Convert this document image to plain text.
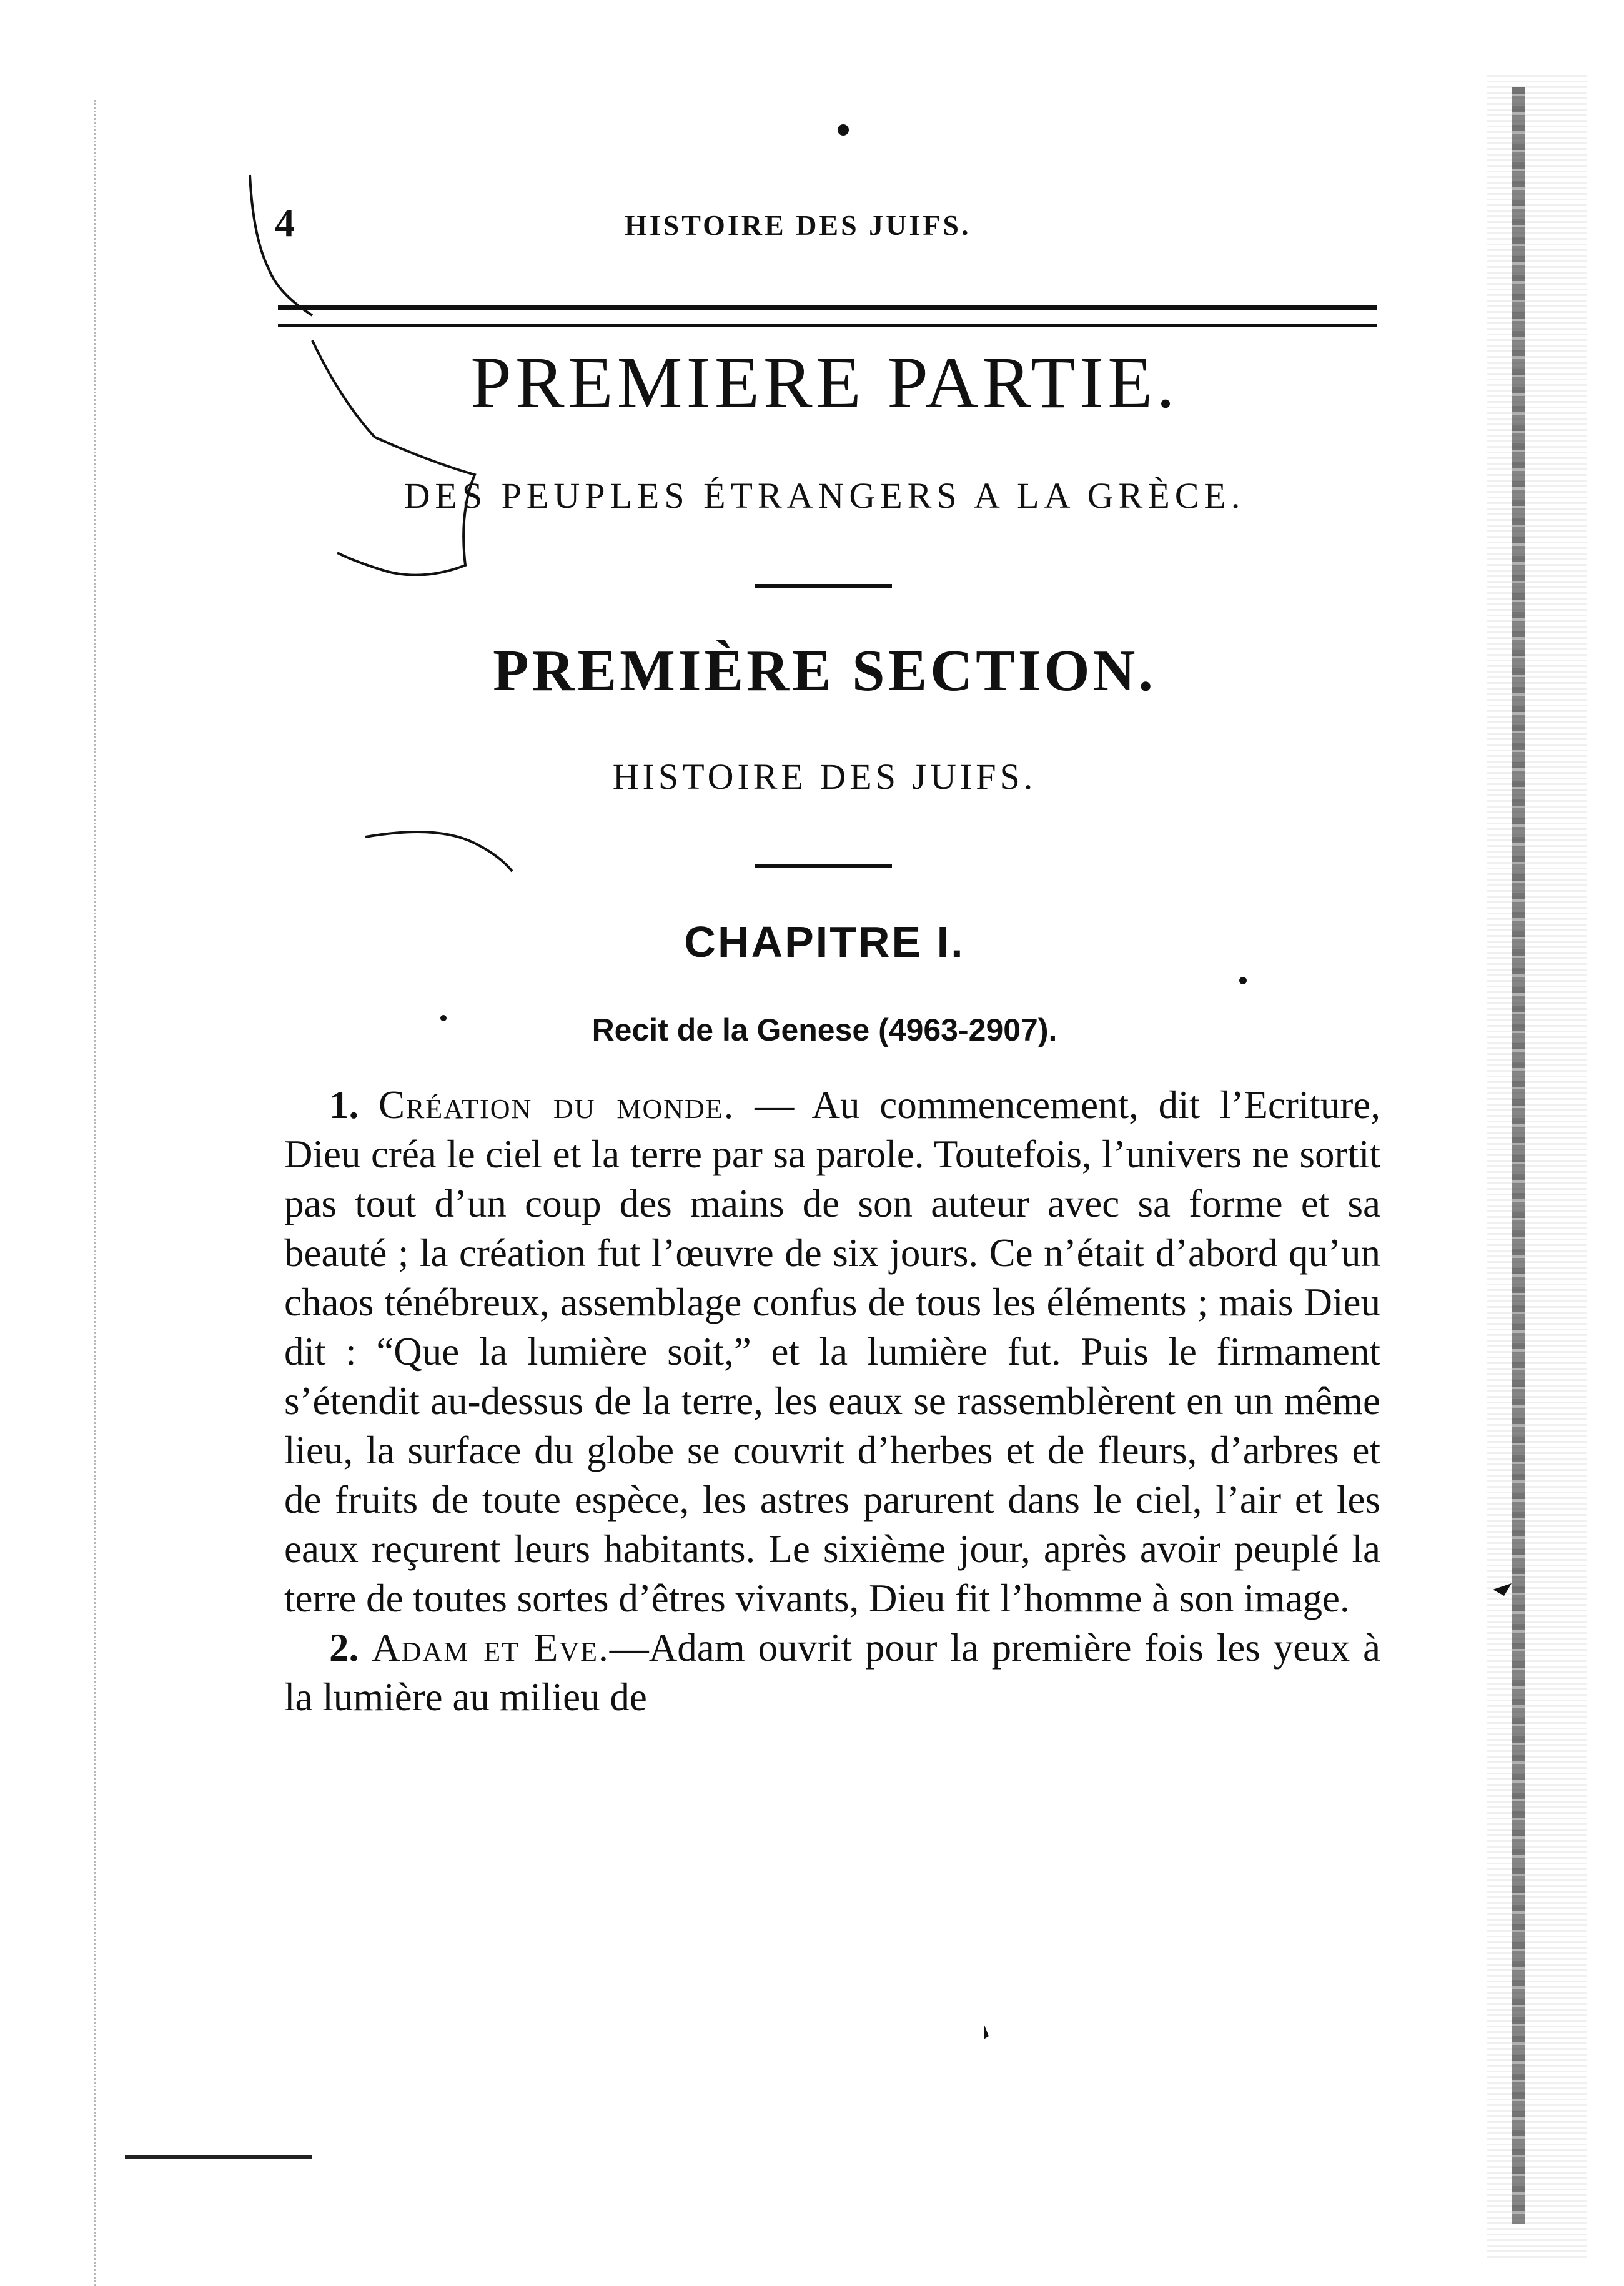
4	HISTOIRE DES JUIFS.
PREMIERE PARTIE.
DES PEUPLES ÉTRANGERS A LA GRÈCE.
PREMIÈRE SECTION.
HISTOIRE DES JUIFS.
CHAPITRE I.
Recit de la Genese (4963-2907).

1. Création du monde. — Au commencement, dit l’Ecriture, Dieu créa le ciel et la terre par sa parole. Toutefois, l’univers ne sortit pas tout d’un coup des mains de son auteur avec sa forme et sa beauté ; la création fut l’œuvre de six jours. Ce n’était d’abord qu’un chaos ténébreux, assemblage confus de tous les éléments ; mais Dieu dit : “Que la lumière soit,” et la lumière fut. Puis le firmament s’étendit au-dessus de la terre, les eaux se rassemblèrent en un même lieu, la surface du globe se couvrit d’herbes et de fleurs, d’arbres et de fruits de toute espèce, les astres parurent dans le ciel, l’air et les eaux reçurent leurs habitants. Le sixième jour, après avoir peuplé la terre de toutes sortes d’êtres vivants, Dieu fit l’homme à son image.

2. Adam et Eve.—Adam ouvrit pour la première fois les yeux à la lumière au milieu de
